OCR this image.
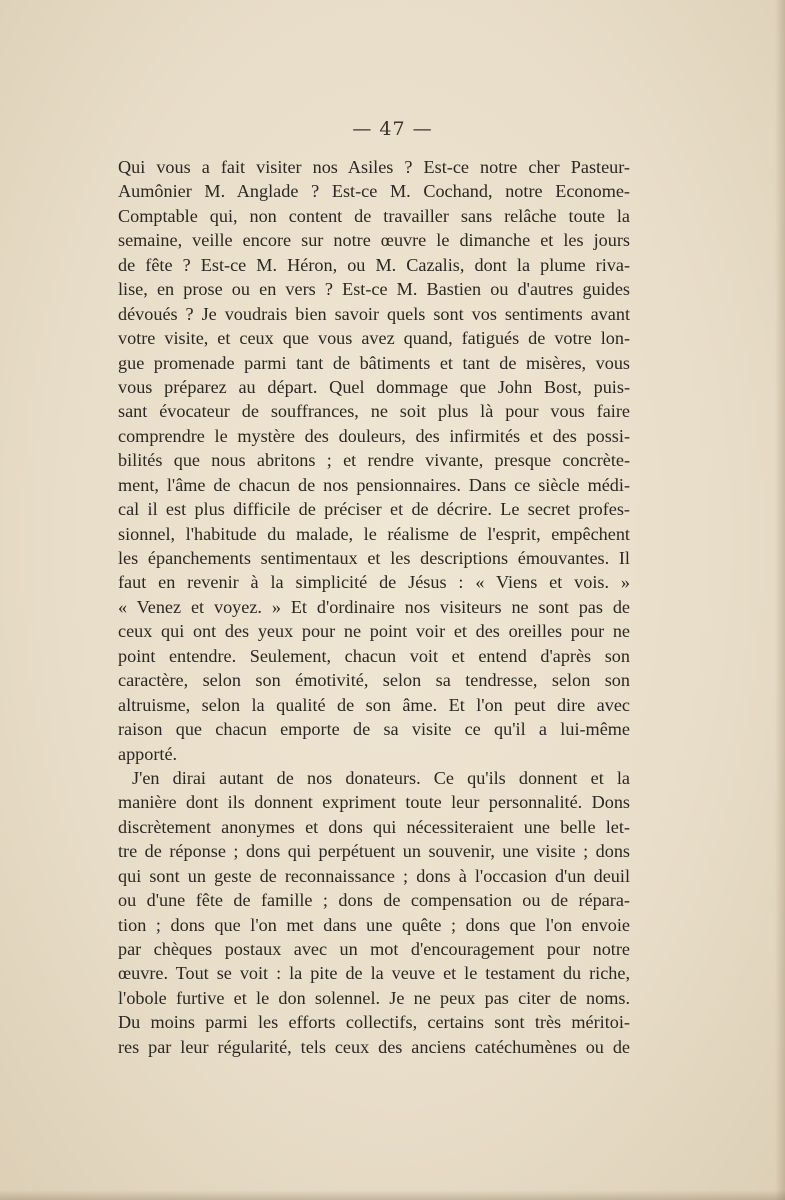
— 47 —
Qui vous a fait visiter nos Asiles ? Est-ce notre cher Pasteur-
Aumônier M. Anglade ? Est-ce M. Cochand, notre Econome-
Comptable qui, non content de travailler sans relâche toute la
semaine, veille encore sur notre œuvre le dimanche et les jours
de fête ? Est-ce M. Héron, ou M. Cazalis, dont la plume riva-
lise, en prose ou en vers ? Est-ce M. Bastien ou d'autres guides
dévoués ? Je voudrais bien savoir quels sont vos sentiments avant
votre visite, et ceux que vous avez quand, fatigués de votre lon-
gue promenade parmi tant de bâtiments et tant de misères, vous
vous préparez au départ. Quel dommage que John Bost, puis-
sant évocateur de souffrances, ne soit plus là pour vous faire
comprendre le mystère des douleurs, des infirmités et des possi-
bilités que nous abritons ; et rendre vivante, presque concrète-
ment, l'âme de chacun de nos pensionnaires. Dans ce siècle médi-
cal il est plus difficile de préciser et de décrire. Le secret profes-
sionnel, l'habitude du malade, le réalisme de l'esprit, empêchent
les épanchements sentimentaux et les descriptions émouvantes. Il
faut en revenir à la simplicité de Jésus : « Viens et vois. »
« Venez et voyez. » Et d'ordinaire nos visiteurs ne sont pas de
ceux qui ont des yeux pour ne point voir et des oreilles pour ne
point entendre. Seulement, chacun voit et entend d'après son
caractère, selon son émotivité, selon sa tendresse, selon son
altruisme, selon la qualité de son âme. Et l'on peut dire avec
raison que chacun emporte de sa visite ce qu'il a lui-même
apporté.
J'en dirai autant de nos donateurs. Ce qu'ils donnent et la
manière dont ils donnent expriment toute leur personnalité. Dons
discrètement anonymes et dons qui nécessiteraient une belle let-
tre de réponse ; dons qui perpétuent un souvenir, une visite ; dons
qui sont un geste de reconnaissance ; dons à l'occasion d'un deuil
ou d'une fête de famille ; dons de compensation ou de répara-
tion ; dons que l'on met dans une quête ; dons que l'on envoie
par chèques postaux avec un mot d'encouragement pour notre
œuvre. Tout se voit : la pite de la veuve et le testament du riche,
l'obole furtive et le don solennel. Je ne peux pas citer de noms.
Du moins parmi les efforts collectifs, certains sont très méritoi-
res par leur régularité, tels ceux des anciens catéchumènes ou de
